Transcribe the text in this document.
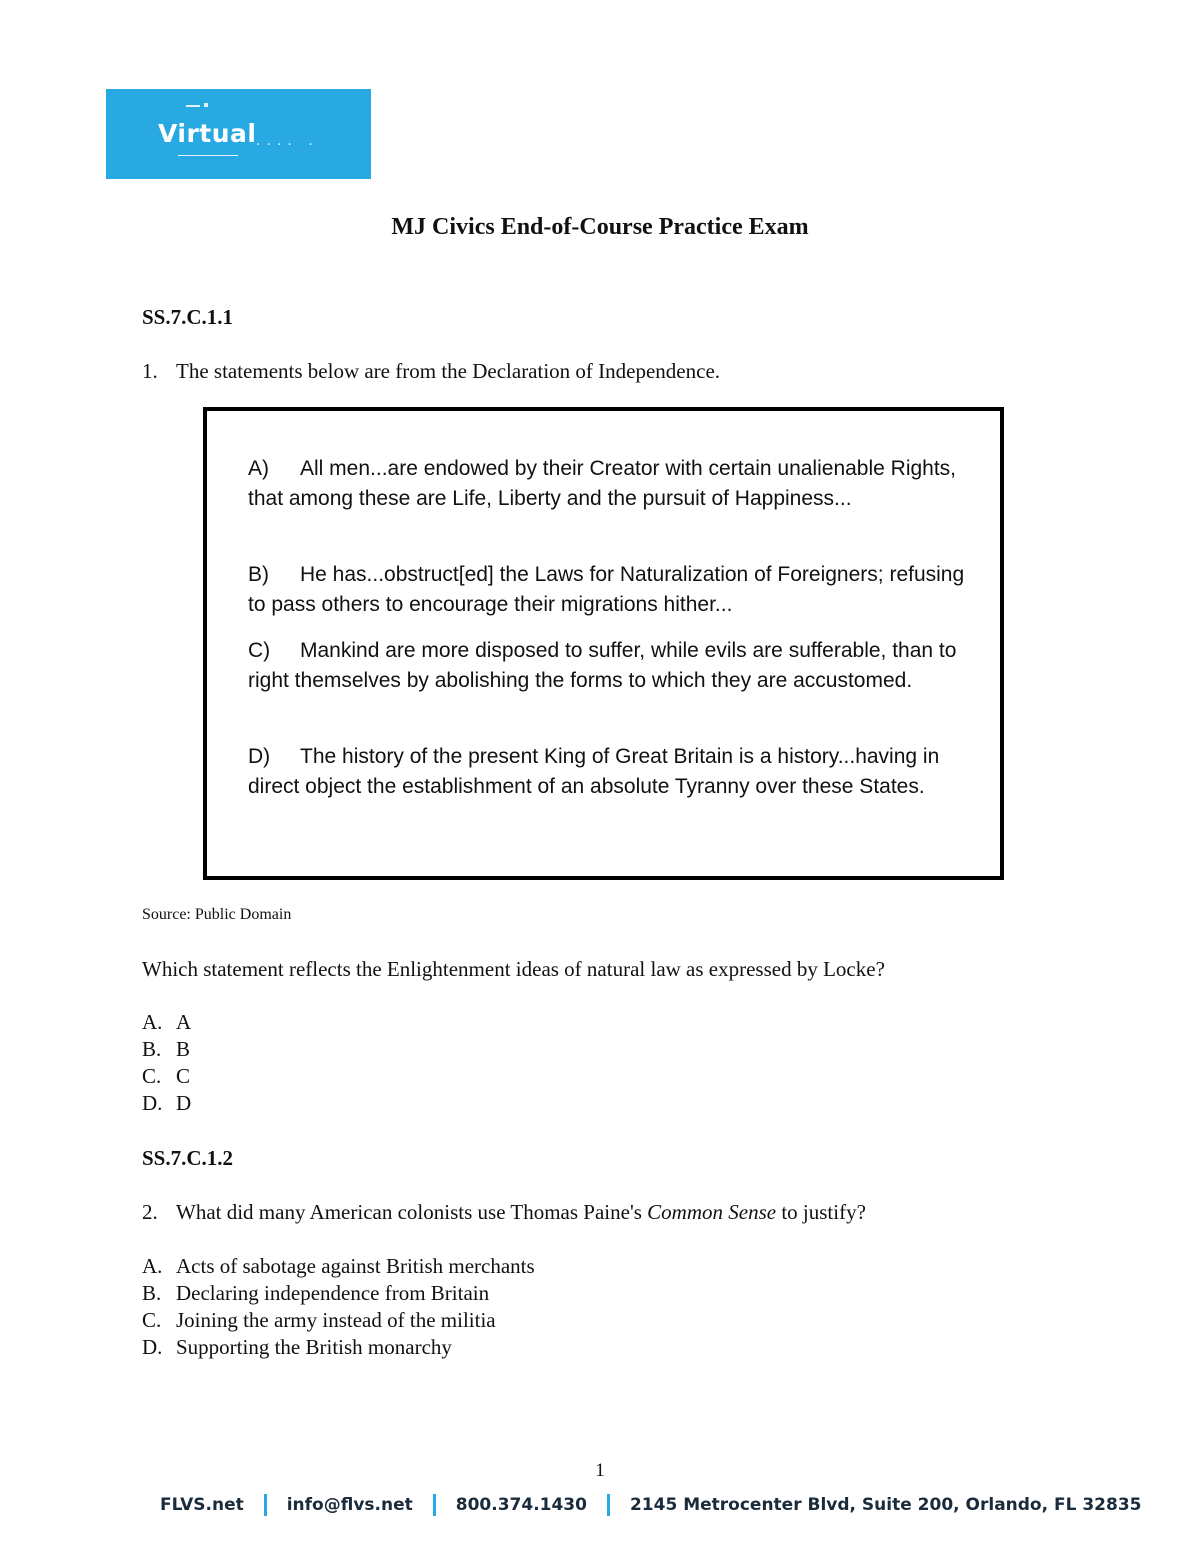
Virtual ···· ·
MJ Civics End-of-Course Practice Exam
SS.7.C.1.1
1. The statements below are from the Declaration of Independence.
A) All men...are endowed by their Creator with certain unalienable Rights, that among these are Life, Liberty and the pursuit of Happiness...
B) He has...obstruct[ed] the Laws for Naturalization of Foreigners; refusing to pass others to encourage their migrations hither...
C) Mankind are more disposed to suffer, while evils are sufferable, than to right themselves by abolishing the forms to which they are accustomed.
D) The history of the present King of Great Britain is a history...having in direct object the establishment of an absolute Tyranny over these States.
Source: Public Domain
Which statement reflects the Enlightenment ideas of natural law as expressed by Locke?
A. A
B. B
C. C
D. D
SS.7.C.1.2
2. What did many American colonists use Thomas Paine's Common Sense to justify?
A. Acts of sabotage against British merchants
B. Declaring independence from Britain
C. Joining the army instead of the militia
D. Supporting the British monarchy
1
FLVS.net	info@flvs.net	800.374.1430	2145 Metrocenter Blvd, Suite 200, Orlando, FL 32835
